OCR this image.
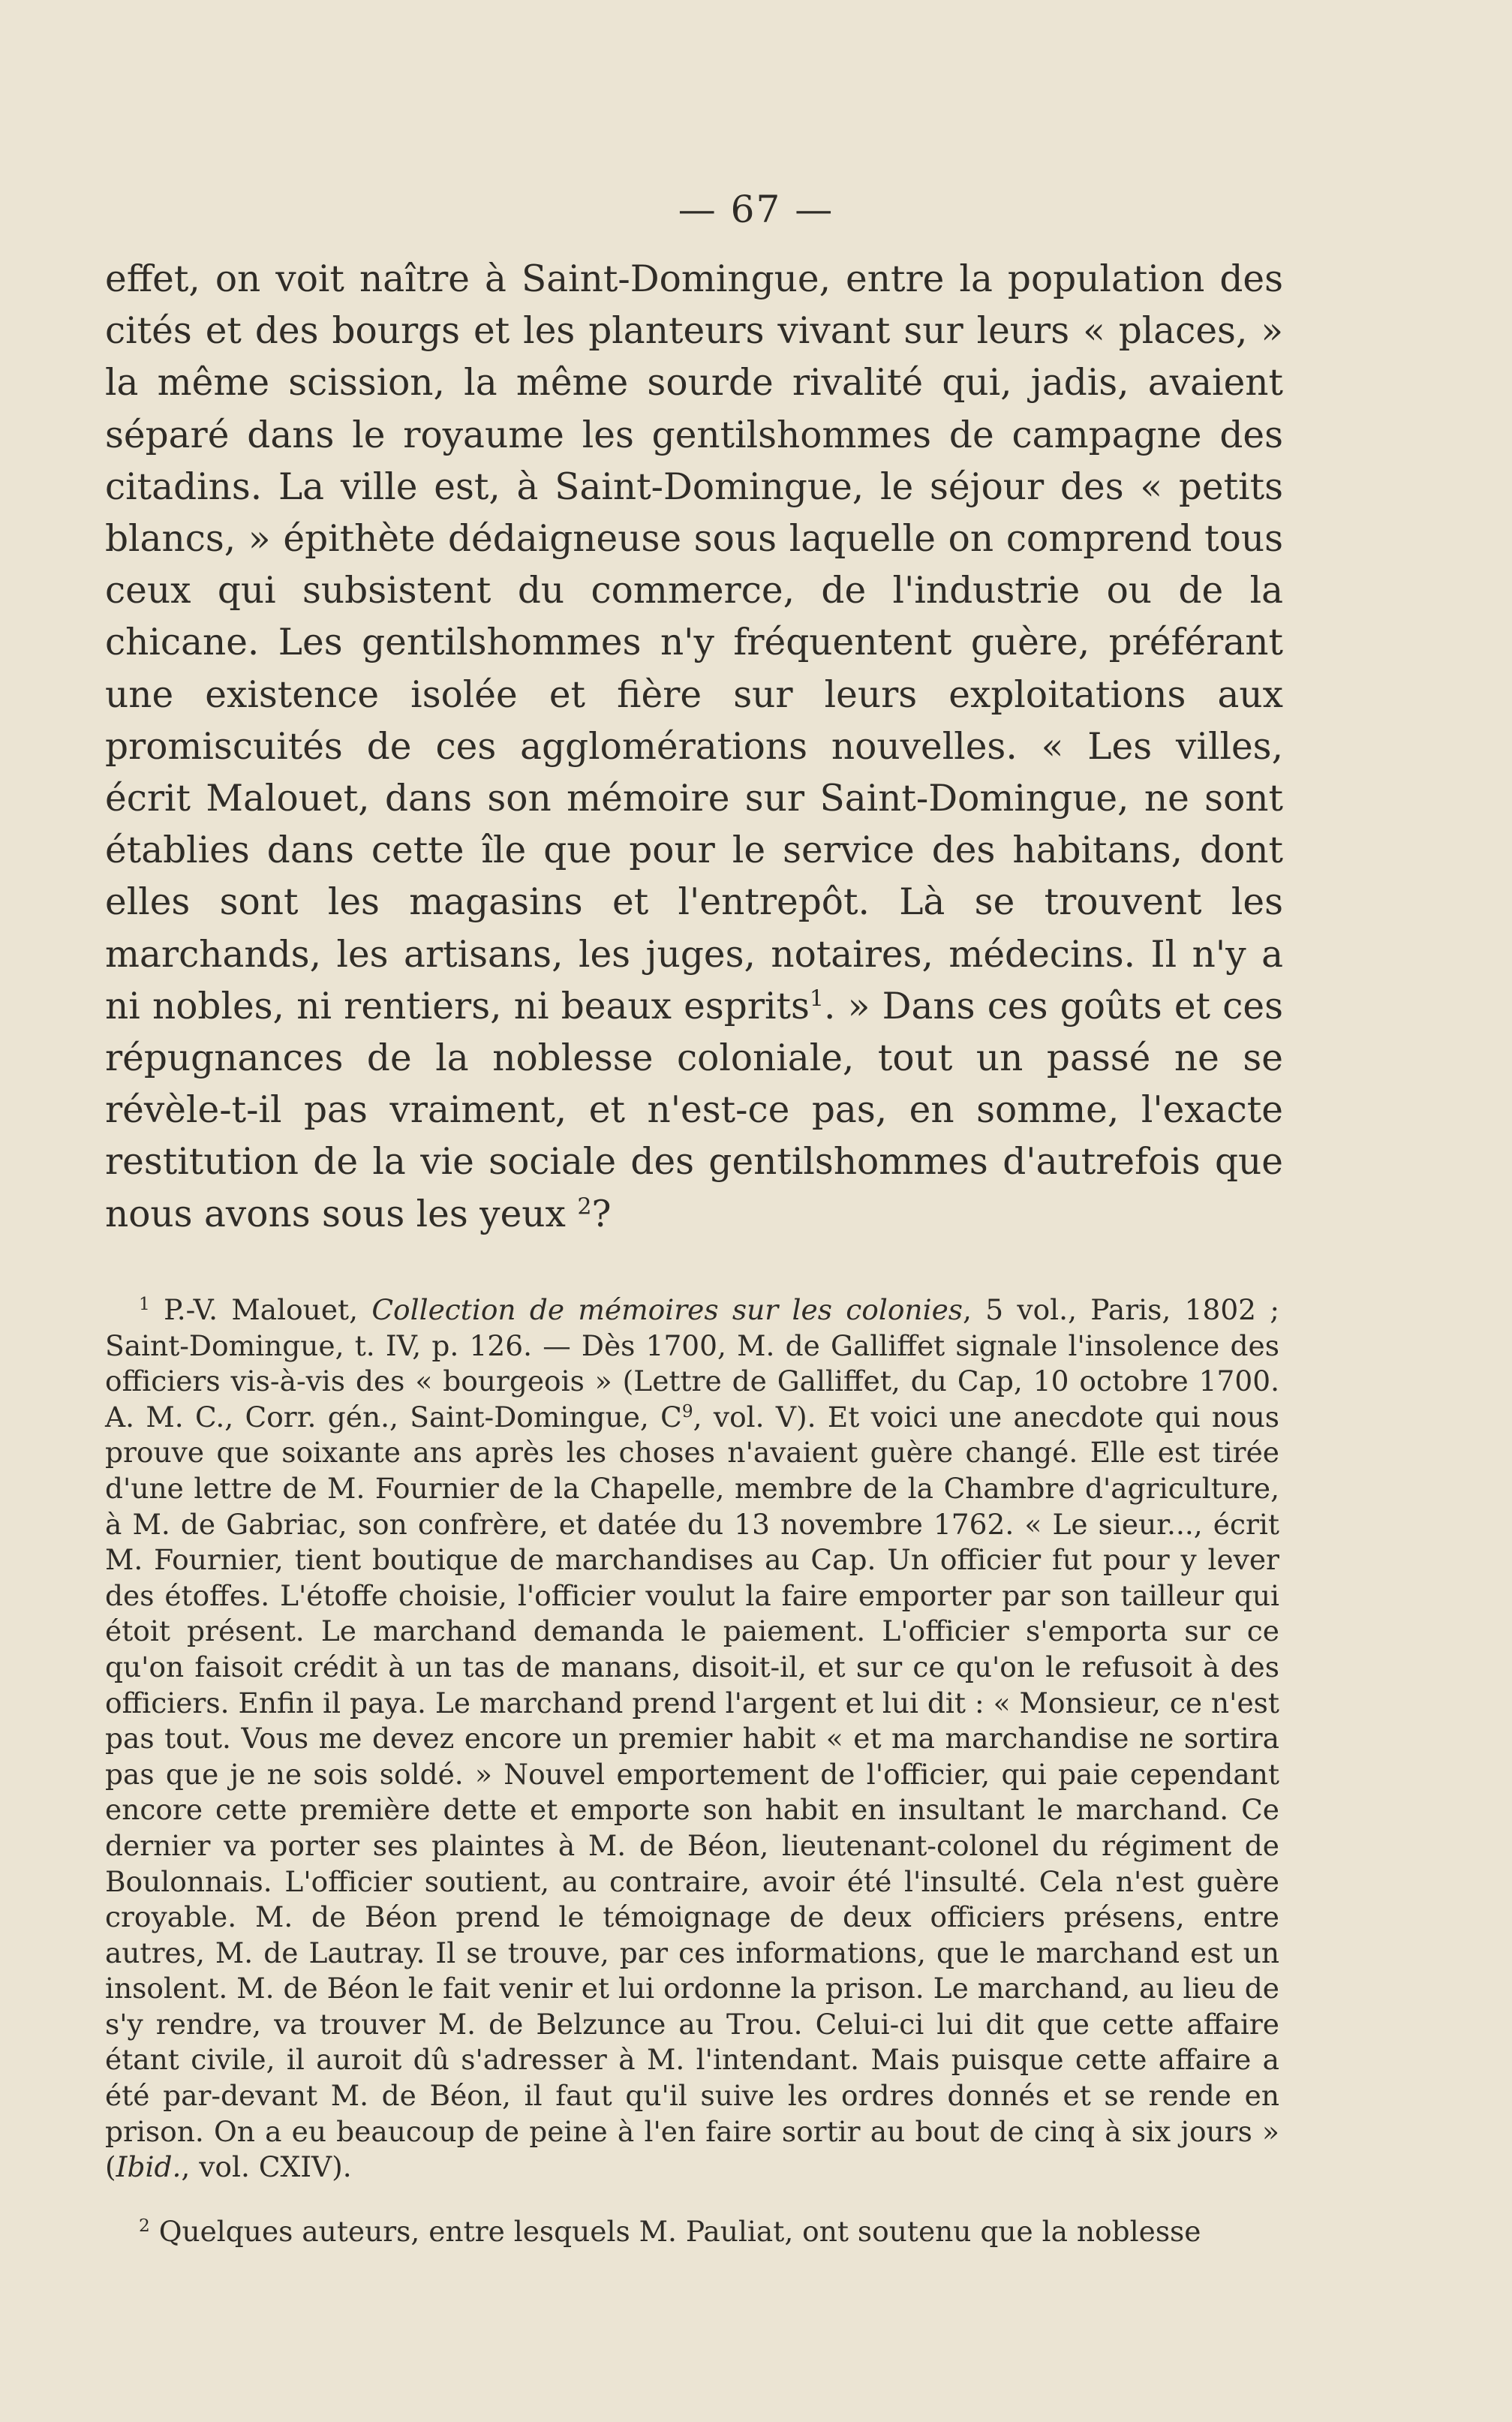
— 67 —
effet, on voit naître à Saint-Domingue, entre la population des cités et des bourgs et les planteurs vivant sur leurs « places, » la même scission, la même sourde rivalité qui, jadis, avaient séparé dans le royaume les gentilshommes de campagne des citadins. La ville est, à Saint-Domingue, le séjour des « petits blancs, » épithète dédaigneuse sous laquelle on comprend tous ceux qui subsistent du commerce, de l'industrie ou de la chicane. Les gentilshommes n'y fréquentent guère, préférant une existence isolée et fière sur leurs exploitations aux promiscuités de ces agglomérations nouvelles. « Les villes, écrit Malouet, dans son mémoire sur Saint-Domingue, ne sont établies dans cette île que pour le service des habitans, dont elles sont les magasins et l'entrepôt. Là se trouvent les marchands, les artisans, les juges, notaires, médecins. Il n'y a ni nobles, ni rentiers, ni beaux esprits$^1$. » Dans ces goûts et ces répugnances de la noblesse coloniale, tout un passé ne se révèle-t-il pas vraiment, et n'est-ce pas, en somme, l'exacte restitution de la vie sociale des gentilshommes d'autrefois que nous avons sous les yeux $^2$?

$^1$ P.-V. Malouet, Collection de mémoires sur les colonies, 5 vol., Paris, 1802 ; Saint-Domingue, t. IV, p. 126. — Dès 1700, M. de Galliffet signale l'insolence des officiers vis-à-vis des « bourgeois » (Lettre de Galliffet, du Cap, 10 octobre 1700. A. M. C., Corr. gén., Saint-Domingue, $C^9$, vol. V). Et voici une anecdote qui nous prouve que soixante ans après les choses n'avaient guère changé. Elle est tirée d'une lettre de M. Fournier de la Chapelle, membre de la Chambre d'agriculture, à M. de Gabriac, son confrère, et datée du 13 novembre 1762. « Le sieur..., écrit M. Fournier, tient boutique de marchandises au Cap. Un officier fut pour y lever des étoffes. L'étoffe choisie, l'officier voulut la faire emporter par son tailleur qui étoit présent. Le marchand demanda le paiement. L'officier s'emporta sur ce qu'on faisoit crédit à un tas de manans, disoit-il, et sur ce qu'on le refusoit à des officiers. Enfin il paya. Le marchand prend l'argent et lui dit : « Monsieur, ce n'est pas tout. Vous me devez encore un premier habit « et ma marchandise ne sortira pas que je ne sois soldé. » Nouvel emportement de l'officier, qui paie cependant encore cette première dette et emporte son habit en insultant le marchand. Ce dernier va porter ses plaintes à M. de Béon, lieutenant-colonel du régiment de Boulonnais. L'officier soutient, au contraire, avoir été l'insulté. Cela n'est guère croyable. M. de Béon prend le témoignage de deux officiers présens, entre autres, M. de Lautray. Il se trouve, par ces informations, que le marchand est un insolent. M. de Béon le fait venir et lui ordonne la prison. Le marchand, au lieu de s'y rendre, va trouver M. de Belzunce au Trou. Celui-ci lui dit que cette affaire étant civile, il auroit dû s'adresser à M. l'intendant. Mais puisque cette affaire a été par-devant M. de Béon, il faut qu'il suive les ordres donnés et se rende en prison. On a eu beaucoup de peine à l'en faire sortir au bout de cinq à six jours » (Ibid., vol. CXIV).

$^2$ Quelques auteurs, entre lesquels M. Pauliat, ont soutenu que la noblesse
